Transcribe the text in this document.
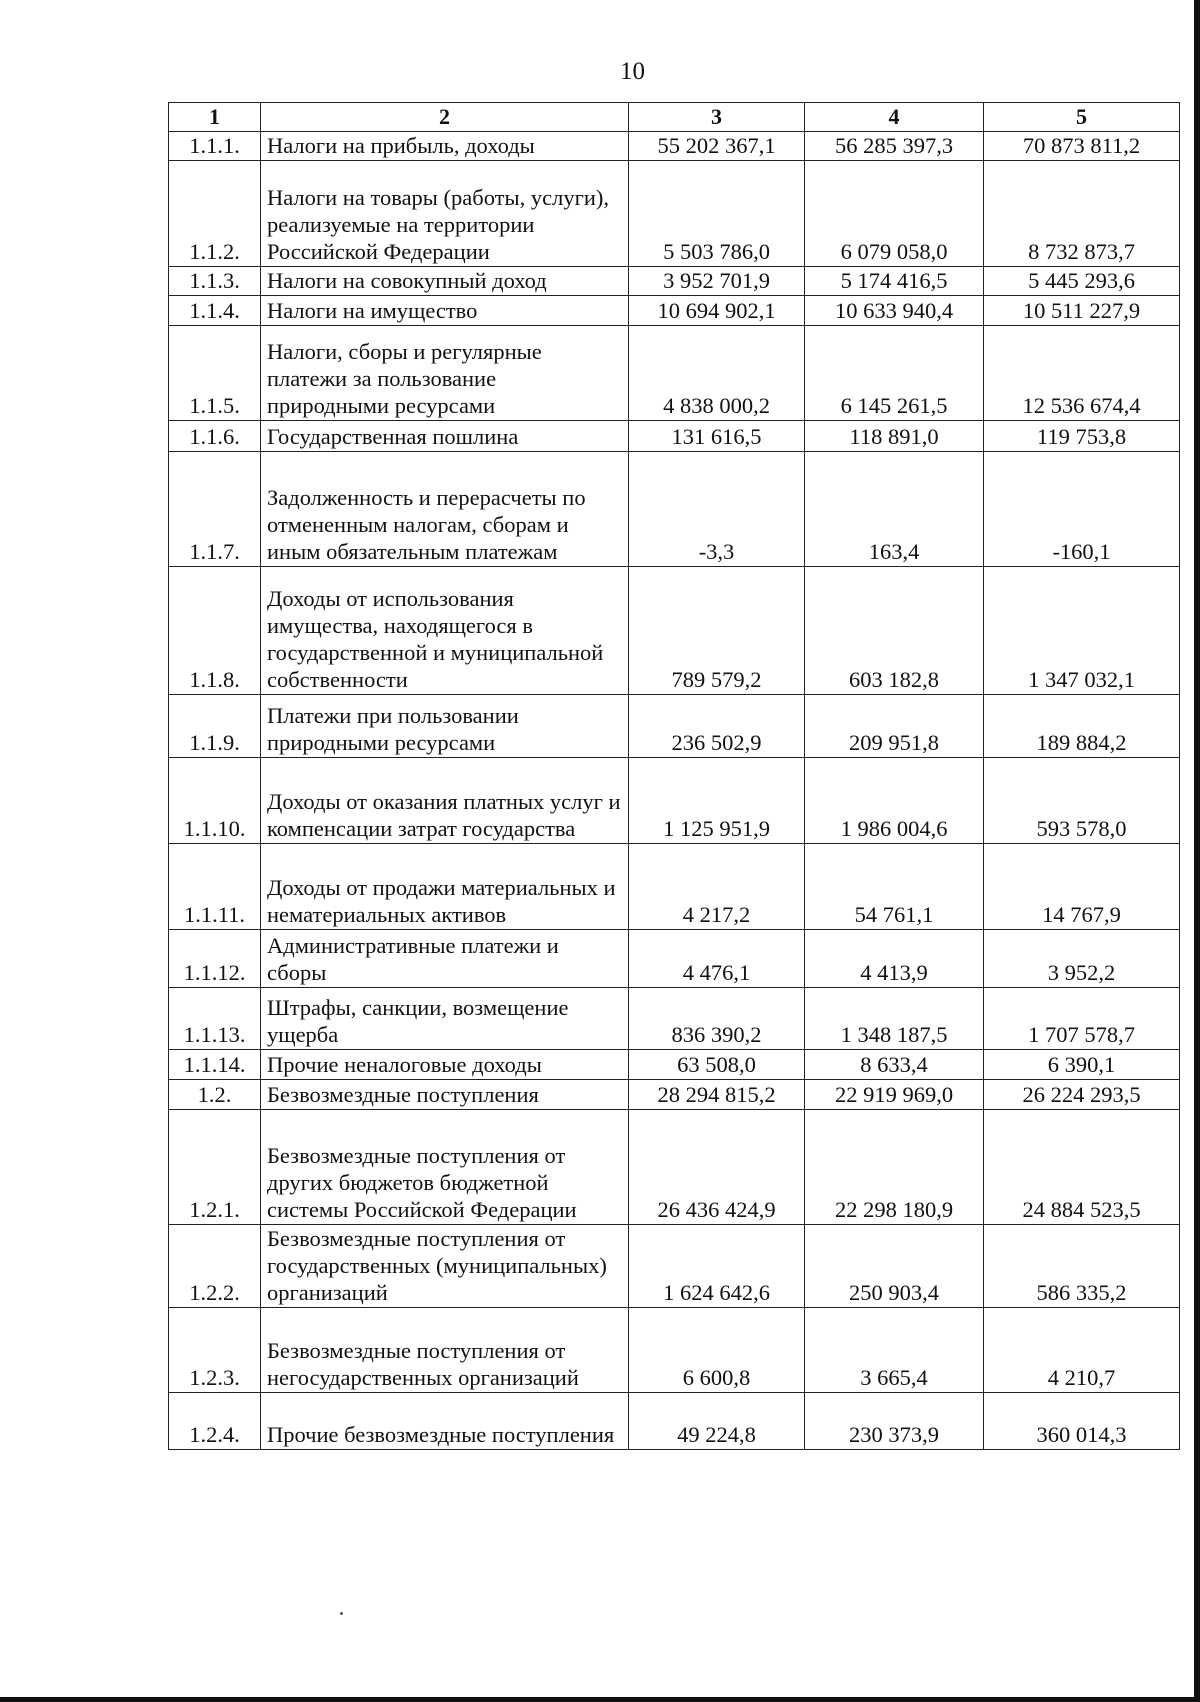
10
1	2	3	4	5
1.1.1.	Налоги на прибыль, доходы	55 202 367,1	56 285 397,3	70 873 811,2
1.1.2.	Налоги на товары (работы, услуги), реализуемые на территории Российской Федерации	5 503 786,0	6 079 058,0	8 732 873,7
1.1.3.	Налоги на совокупный доход	3 952 701,9	5 174 416,5	5 445 293,6
1.1.4.	Налоги на имущество	10 694 902,1	10 633 940,4	10 511 227,9
1.1.5.	Налоги, сборы и регулярные платежи за пользование природными ресурсами	4 838 000,2	6 145 261,5	12 536 674,4
1.1.6.	Государственная пошлина	131 616,5	118 891,0	119 753,8
1.1.7.	Задолженность и перерасчеты по отмененным налогам, сборам и иным обязательным платежам	-3,3	163,4	-160,1
1.1.8.	Доходы от использования имущества, находящегося в государственной и муниципальной собственности	789 579,2	603 182,8	1 347 032,1
1.1.9.	Платежи при пользовании природными ресурсами	236 502,9	209 951,8	189 884,2
1.1.10.	Доходы от оказания платных услуг и компенсации затрат государства	1 125 951,9	1 986 004,6	593 578,0
1.1.11.	Доходы от продажи материальных и нематериальных активов	4 217,2	54 761,1	14 767,9
1.1.12.	Административные платежи и сборы	4 476,1	4 413,9	3 952,2
1.1.13.	Штрафы, санкции, возмещение ущерба	836 390,2	1 348 187,5	1 707 578,7
1.1.14.	Прочие неналоговые доходы	63 508,0	8 633,4	6 390,1
1.2.	Безвозмездные поступления	28 294 815,2	22 919 969,0	26 224 293,5
1.2.1.	Безвозмездные поступления от других бюджетов бюджетной системы Российской Федерации	26 436 424,9	22 298 180,9	24 884 523,5
1.2.2.	Безвозмездные поступления от государственных (муниципальных) организаций	1 624 642,6	250 903,4	586 335,2
1.2.3.	Безвозмездные поступления от негосударственных организаций	6 600,8	3 665,4	4 210,7
1.2.4.	Прочие безвозмездные поступления	49 224,8	230 373,9	360 014,3
